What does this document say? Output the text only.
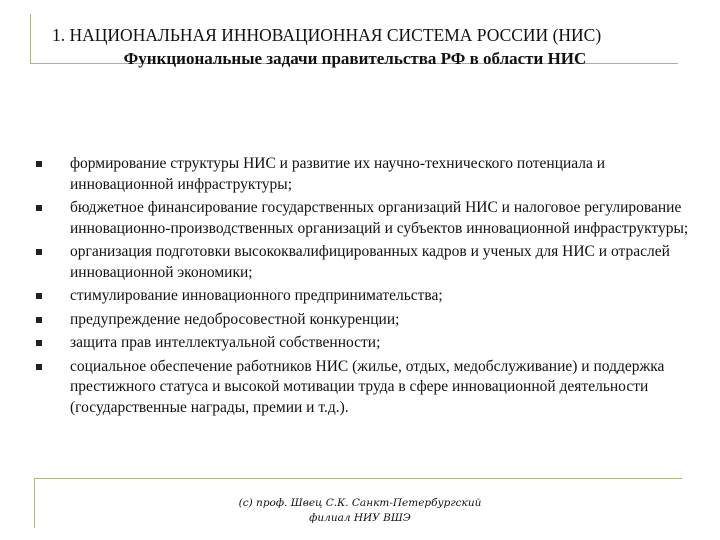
1. НАЦИОНАЛЬНАЯ ИННОВАЦИОННАЯ СИСТЕМА РОССИИ (НИС)
Функциональные задачи правительства РФ в области НИС
формирование структуры НИС и развитие их научно-технического потенциала и инновационной инфраструктуры;
бюджетное финансирование государственных организаций НИС и налоговое регулирование инновационно-производственных организаций и субъектов инновационной инфраструктуры;
организация подготовки высококвалифицированных кадров и ученых для НИС и отраслей инновационной экономики;
стимулирование инновационного предпринимательства;
предупреждение недобросовестной конкуренции;
защита прав интеллектуальной собственности;
социальное обеспечение работников НИС (жилье, отдых, медобслуживание) и поддержка престижного статуса и высокой мотивации труда в сфере инновационной деятельности (государственные награды, премии и т.д.).
(с) проф. Швец С.К. Санкт-Петербургский
филиал НИУ ВШЭ
